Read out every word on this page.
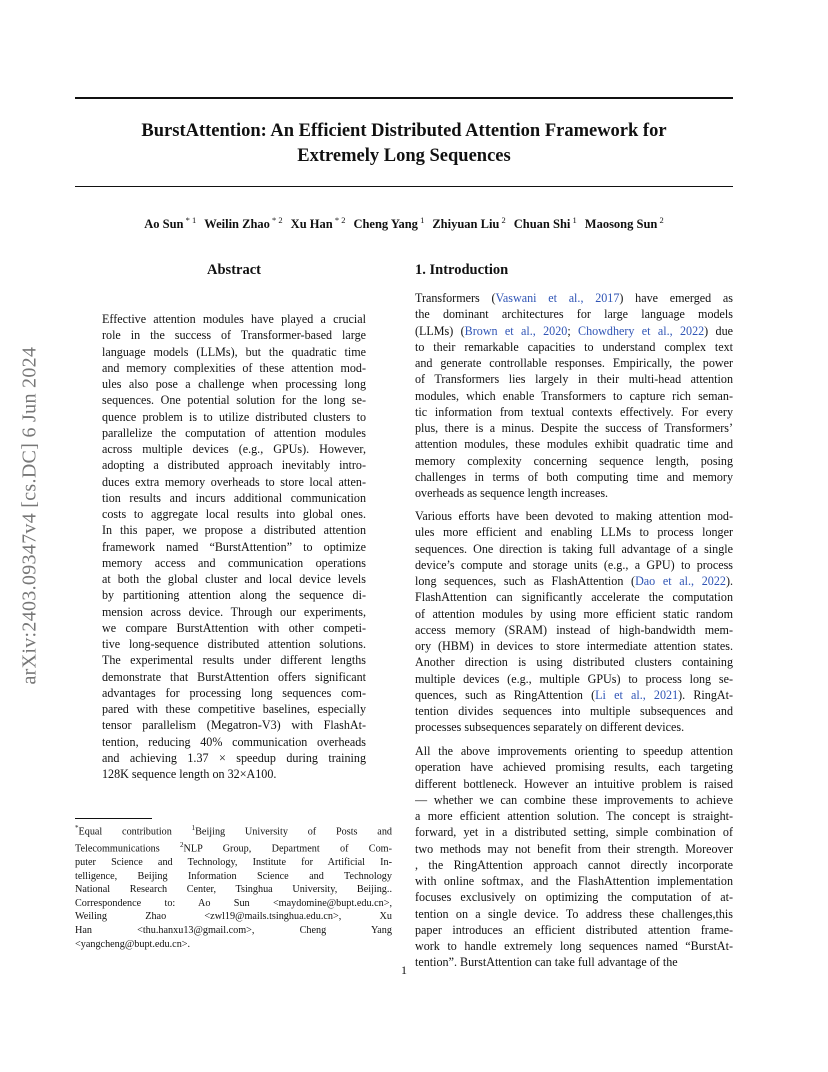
BurstAttention: An Efficient Distributed Attention Framework for
Extremely Long Sequences
Ao Sun $^{* 1}$ Weilin Zhao $^{* 2}$ Xu Han $^{* 2}$ Cheng Yang $^1$ Zhiyuan Liu $^2$ Chuan Shi $^1$ Maosong Sun $^2$
arXiv:2403.09347v4 [cs.DC] 6 Jun 2024
Abstract
Effective attention modules have played a crucial
role in the success of Transformer-based large
language models (LLMs), but the quadratic time
and memory complexities of these attention mod-
ules also pose a challenge when processing long
sequences. One potential solution for the long se-
quence problem is to utilize distributed clusters to
parallelize the computation of attention modules
across multiple devices (e.g., GPUs). However,
adopting a distributed approach inevitably intro-
duces extra memory overheads to store local atten-
tion results and incurs additional communication
costs to aggregate local results into global ones.
In this paper, we propose a distributed attention
framework named “BurstAttention” to optimize
memory access and communication operations
at both the global cluster and local device levels
by partitioning attention along the sequence di-
mension across device. Through our experiments,
we compare BurstAttention with other competi-
tive long-sequence distributed attention solutions.
The experimental results under different lengths
demonstrate that BurstAttention offers significant
advantages for processing long sequences com-
pared with these competitive baselines, especially
tensor parallelism (Megatron-V3) with FlashAt-
tention, reducing 40% communication overheads
and achieving 1.37 × speedup during training
128K sequence length on 32×A100.
1. Introduction
Transformers (Vaswani et al., 2017) have emerged as
the dominant architectures for large language models
(LLMs) (Brown et al., 2020; Chowdhery et al., 2022) due
to their remarkable capacities to understand complex text
and generate controllable responses. Empirically, the power
of Transformers lies largely in their multi-head attention
modules, which enable Transformers to capture rich seman-
tic information from textual contexts effectively. For every
plus, there is a minus. Despite the success of Transformers’
attention modules, these modules exhibit quadratic time and
memory complexity concerning sequence length, posing
challenges in terms of both computing time and memory
overheads as sequence length increases.
Various efforts have been devoted to making attention mod-
ules more efficient and enabling LLMs to process longer
sequences. One direction is taking full advantage of a single
device’s compute and storage units (e.g., a GPU) to process
long sequences, such as FlashAttention (Dao et al., 2022).
FlashAttention can significantly accelerate the computation
of attention modules by using more efficient static random
access memory (SRAM) instead of high-bandwidth mem-
ory (HBM) in devices to store intermediate attention states.
Another direction is using distributed clusters containing
multiple devices (e.g., multiple GPUs) to process long se-
quences, such as RingAttention (Li et al., 2021). RingAt-
tention divides sequences into multiple subsequences and
processes subsequences separately on different devices.
All the above improvements orienting to speedup attention
operation have achieved promising results, each targeting
different bottleneck. However an intuitive problem is raised
— whether we can combine these improvements to achieve
a more efficient attention solution. The concept is straight-
forward, yet in a distributed setting, simple combination of
two methods may not benefit from their strength. Moreover
, the RingAttention approach cannot directly incorporate
with online softmax, and the FlashAttention implementation
focuses exclusively on optimizing the computation of at-
tention on a single device. To address these challenges,this
paper introduces an efficient distributed attention frame-
work to handle extremely long sequences named “BurstAt-
tention”. BurstAttention can take full advantage of the
*Equal contribution $^1$Beijing University of Posts and
Telecommunications $^2$NLP Group, Department of Com-
puter Science and Technology, Institute for Artificial In-
telligence, Beijing Information Science and Technology
National Research Center, Tsinghua University, Beijing..
Correspondence to: Ao Sun <maydomine@bupt.edu.cn>,
Weiling Zhao <zwl19@mails.tsinghua.edu.cn>, Xu
Han <thu.hanxu13@gmail.com>, Cheng Yang
<yangcheng@bupt.edu.cn>.
1
